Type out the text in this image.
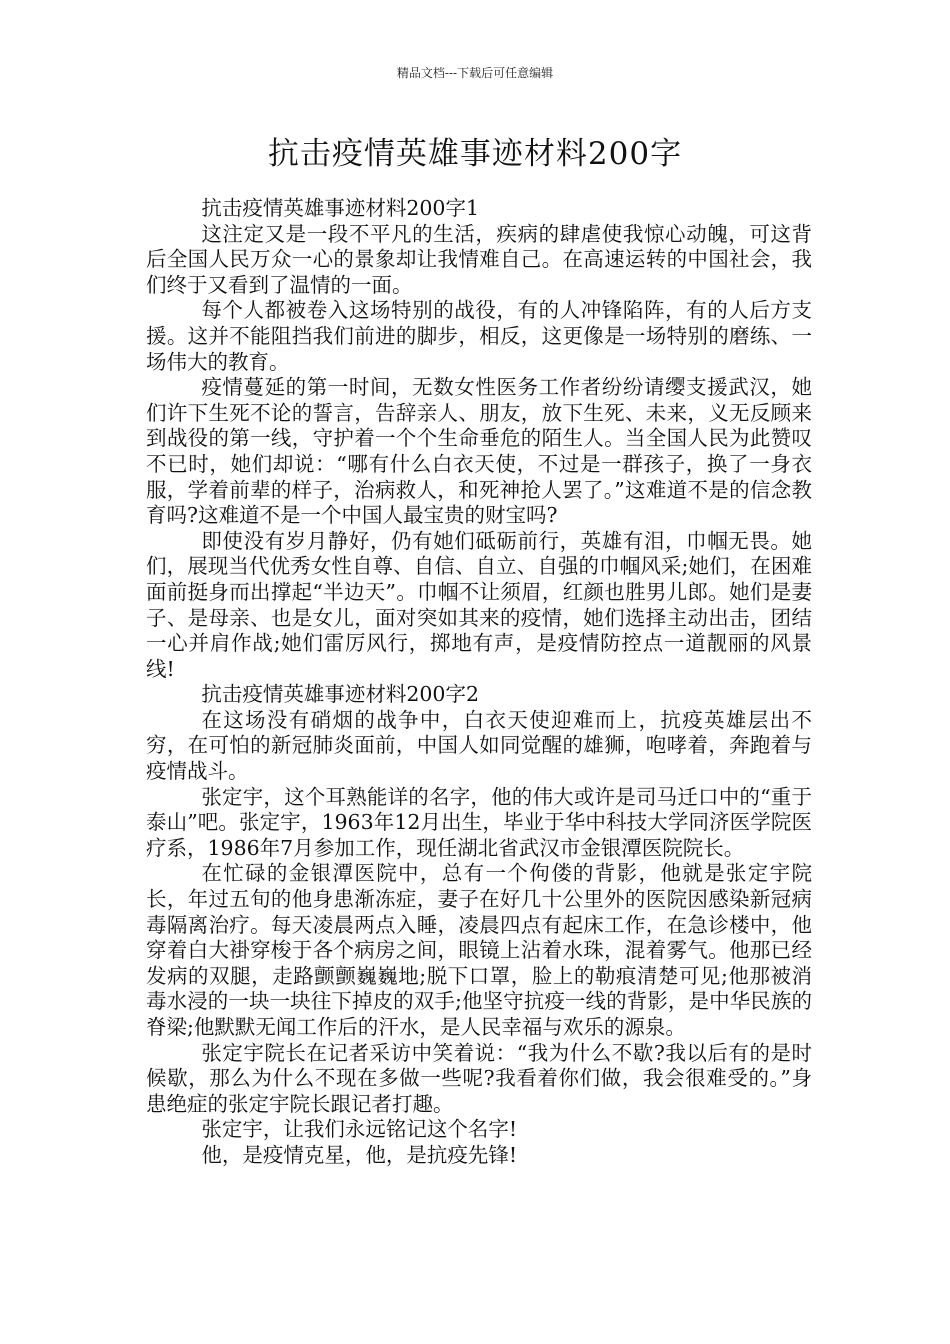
精品文档---下载后可任意编辑
抗击疫情英雄事迹材料200字

抗击疫情英雄事迹材料200字1

这注定又是一段不平凡的生活，疾病的肆虐使我惊心动魄，可这背后全国人民万众一心的景象却让我情难自己。在高速运转的中国社会，我们终于又看到了温情的一面。

每个人都被卷入这场特别的战役，有的人冲锋陷阵，有的人后方支援。这并不能阻挡我们前进的脚步，相反，这更像是一场特别的磨练、一场伟大的教育。

疫情蔓延的第一时间，无数女性医务工作者纷纷请缨支援武汉，她们许下生死不论的誓言，告辞亲人、朋友，放下生死、未来，义无反顾来到战役的第一线，守护着一个个生命垂危的陌生人。当全国人民为此赞叹不已时，她们却说：“哪有什么白衣天使，不过是一群孩子，换了一身衣服，学着前辈的样子，治病救人，和死神抢人罢了。”这难道不是的信念教育吗?这难道不是一个中国人最宝贵的财宝吗?

即使没有岁月静好，仍有她们砥砺前行，英雄有泪，巾帼无畏。她们，展现当代优秀女性自尊、自信、自立、自强的巾帼风采;她们，在困难面前挺身而出撑起“半边天”。巾帼不让须眉，红颜也胜男儿郎。她们是妻子、是母亲、也是女儿，面对突如其来的疫情，她们选择主动出击，团结一心并肩作战;她们雷厉风行，掷地有声，是疫情防控点一道靓丽的风景线!

抗击疫情英雄事迹材料200字2

在这场没有硝烟的战争中，白衣天使迎难而上，抗疫英雄层出不穷，在可怕的新冠肺炎面前，中国人如同觉醒的雄狮，咆哮着，奔跑着与疫情战斗。

张定宇，这个耳熟能详的名字，他的伟大或许是司马迁口中的“重于泰山”吧。张定宇，1963年12月出生，毕业于华中科技大学同济医学院医疗系，1986年7月参加工作，现任湖北省武汉市金银潭医院院长。

在忙碌的金银潭医院中，总有一个佝偻的背影，他就是张定宇院长，年过五旬的他身患渐冻症，妻子在好几十公里外的医院因感染新冠病毒隔离治疗。每天凌晨两点入睡，凌晨四点有起床工作，在急诊楼中，他穿着白大褂穿梭于各个病房之间，眼镜上沾着水珠，混着雾气。他那已经发病的双腿，走路颤颤巍巍地;脱下口罩，脸上的勒痕清楚可见;他那被消毒水浸的一块一块往下掉皮的双手;他坚守抗疫一线的背影，是中华民族的脊梁;他默默无闻工作后的汗水，是人民幸福与欢乐的源泉。

张定宇院长在记者采访中笑着说：“我为什么不歇?我以后有的是时候歇，那么为什么不现在多做一些呢?我看着你们做，我会很难受的。”身患绝症的张定宇院长跟记者打趣。

张定宇，让我们永远铭记这个名字!

他，是疫情克星，他，是抗疫先锋!
